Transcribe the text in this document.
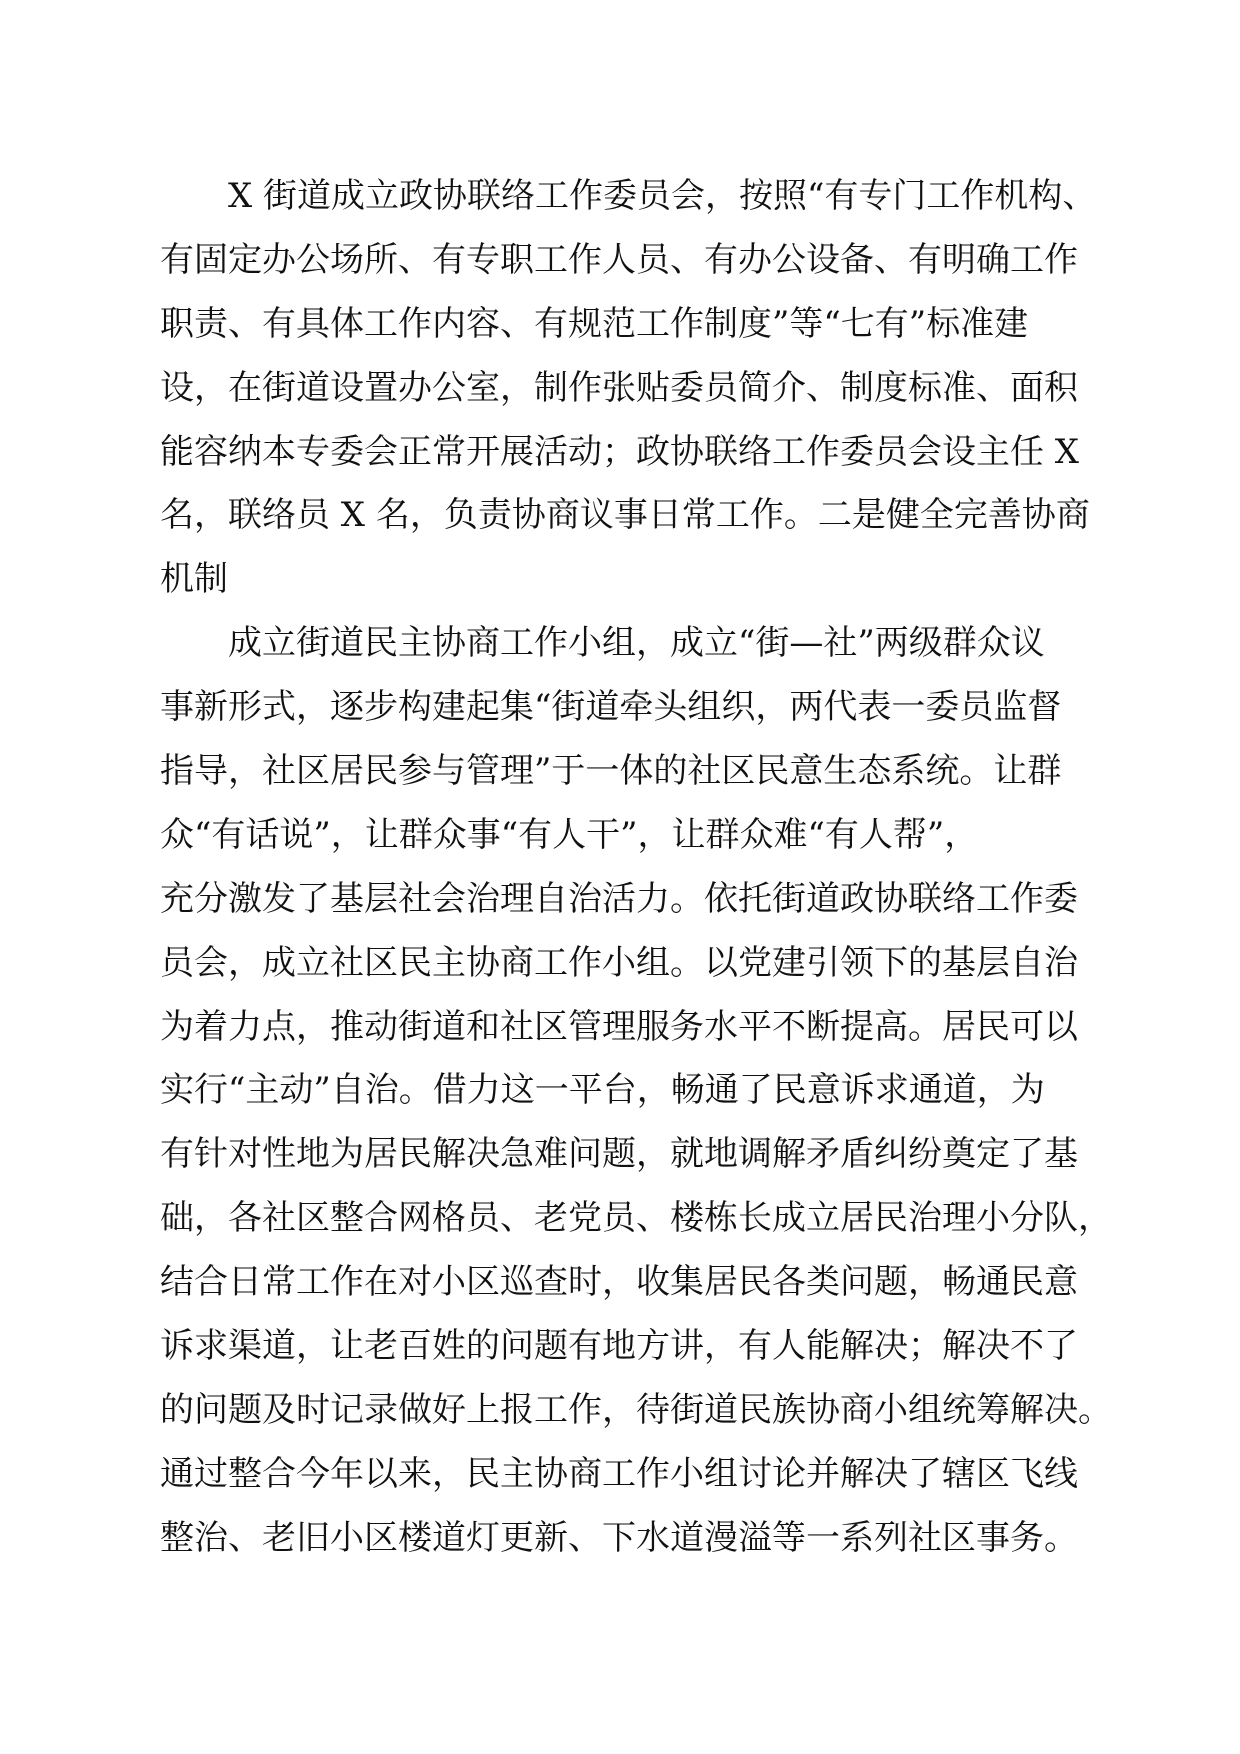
X 街道成立政协联络工作委员会，按照“有专门工作机构、
有固定办公场所、有专职工作人员、有办公设备、有明确工作
职责、有具体工作内容、有规范工作制度”等“七有”标准建
设，在街道设置办公室，制作张贴委员简介、制度标准、面积
能容纳本专委会正常开展活动；政协联络工作委员会设主任 X
名，联络员 X 名，负责协商议事日常工作。二是健全完善协商
机制
成立街道民主协商工作小组，成立“街—社”两级群众议
事新形式，逐步构建起集“街道牵头组织，两代表一委员监督
指导，社区居民参与管理”于一体的社区民意生态系统。让群
众“有话说”，让群众事“有人干”，让群众难“有人帮”，
充分激发了基层社会治理自治活力。依托街道政协联络工作委
员会，成立社区民主协商工作小组。以党建引领下的基层自治
为着力点，推动街道和社区管理服务水平不断提高。居民可以
实行“主动”自治。借力这一平台，畅通了民意诉求通道，为
有针对性地为居民解决急难问题，就地调解矛盾纠纷奠定了基
础，各社区整合网格员、老党员、楼栋长成立居民治理小分队，
结合日常工作在对小区巡查时，收集居民各类问题，畅通民意
诉求渠道，让老百姓的问题有地方讲，有人能解决；解决不了
的问题及时记录做好上报工作，待街道民族协商小组统筹解决。
通过整合今年以来，民主协商工作小组讨论并解决了辖区飞线
整治、老旧小区楼道灯更新、下水道漫溢等一系列社区事务。
